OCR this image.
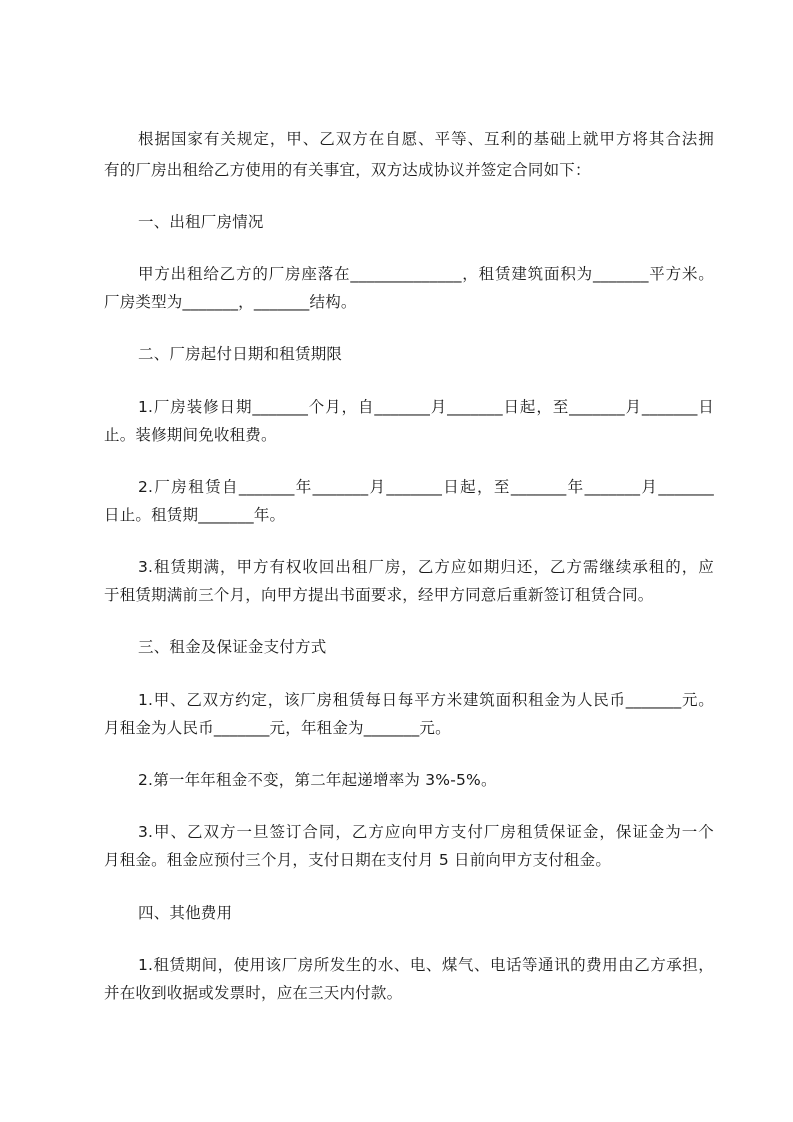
根据国家有关规定，甲、乙双方在自愿、平等、互利的基础上就甲方将其合法拥
有的厂房出租给乙方使用的有关事宜，双方达成协议并签定合同如下：
一、出租厂房情况
甲方出租给乙方的厂房座落在______________，租赁建筑面积为_______平方米。
厂房类型为_______，_______结构。
二、厂房起付日期和租赁期限
1.厂房装修日期_______个月，自_______月_______日起，至_______月_______日
止。装修期间免收租费。
2.厂房租赁自_______年_______月_______日起，至_______年_______月_______
日止。租赁期_______年。
3.租赁期满，甲方有权收回出租厂房，乙方应如期归还，乙方需继续承租的，应
于租赁期满前三个月，向甲方提出书面要求，经甲方同意后重新签订租赁合同。
三、租金及保证金支付方式
1.甲、乙双方约定，该厂房租赁每日每平方米建筑面积租金为人民币_______元。
月租金为人民币_______元，年租金为_______元。
2.第一年年租金不变，第二年起递增率为 3%-5%。
3.甲、乙双方一旦签订合同，乙方应向甲方支付厂房租赁保证金，保证金为一个
月租金。租金应预付三个月，支付日期在支付月 5 日前向甲方支付租金。
四、其他费用
1.租赁期间，使用该厂房所发生的水、电、煤气、电话等通讯的费用由乙方承担，
并在收到收据或发票时，应在三天内付款。
